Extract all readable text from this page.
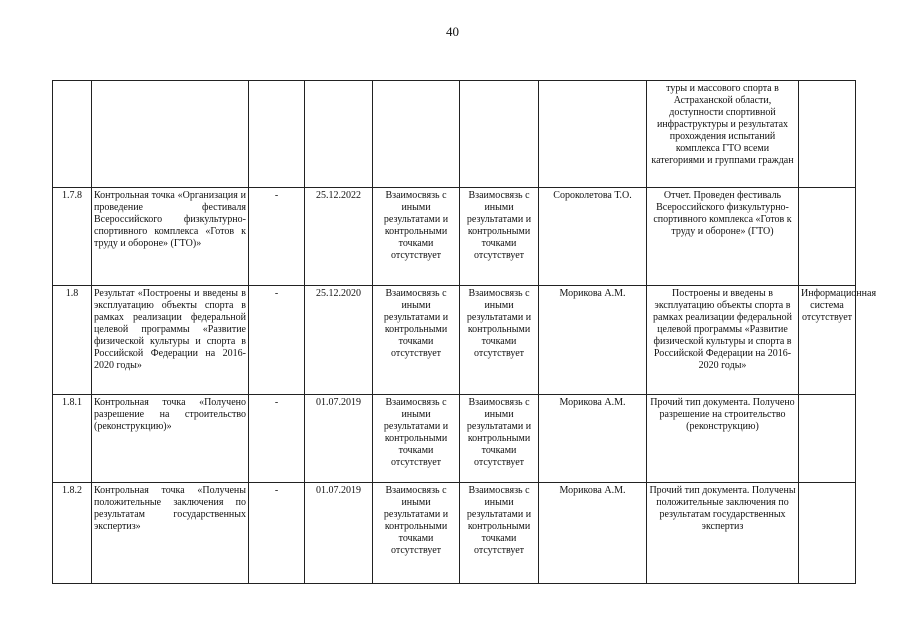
40
							туры и массового спорта в Астраханской области, доступности спортивной инфраструктуры и результатах прохождения испытаний комплекса ГТО всеми категориями и группами граждан	
1.7.8	Контрольная точка «Организация и проведение фестиваля Всероссийского физкультурно-спортивного комплекса «Готов к труду и обороне» (ГТО)»	-	25.12.2022	Взаимосвязь с иными результатами и контрольными точками отсутствует	Взаимосвязь с иными результатами и контрольными точками отсутствует	Сороколетова Т.О.	Отчет. Проведен фестиваль Всероссийского физкультурно-спортивного комплекса «Готов к труду и обороне» (ГТО)	
1.8	Результат «Построены и введены в эксплуатацию объекты спорта в рамках реализации федеральной целевой программы «Развитие физической культуры и спорта в Российской Федерации на 2016-2020 годы»	-	25.12.2020	Взаимосвязь с иными результатами и контрольными точками отсутствует	Взаимосвязь с иными результатами и контрольными точками отсутствует	Морикова А.М.	Построены и введены в эксплуатацию объекты спорта в рамках реализации федеральной целевой программы «Развитие физической культуры и спорта в Российской Федерации на 2016-2020 годы»	Информационная система отсутствует
1.8.1	Контрольная точка «Получено разрешение на строительство (реконструкцию)»	-	01.07.2019	Взаимосвязь с иными результатами и контрольными точками отсутствует	Взаимосвязь с иными результатами и контрольными точками отсутствует	Морикова А.М.	Прочий тип документа. Получено разрешение на строительство (реконструкцию)	
1.8.2	Контрольная точка «Получены положительные заключения по результатам государственных экспертиз»	-	01.07.2019	Взаимосвязь с иными результатами и контрольными точками отсутствует	Взаимосвязь с иными результатами и контрольными точками отсутствует	Морикова А.М.	Прочий тип документа. Получены положительные заключения по результатам государственных экспертиз	
